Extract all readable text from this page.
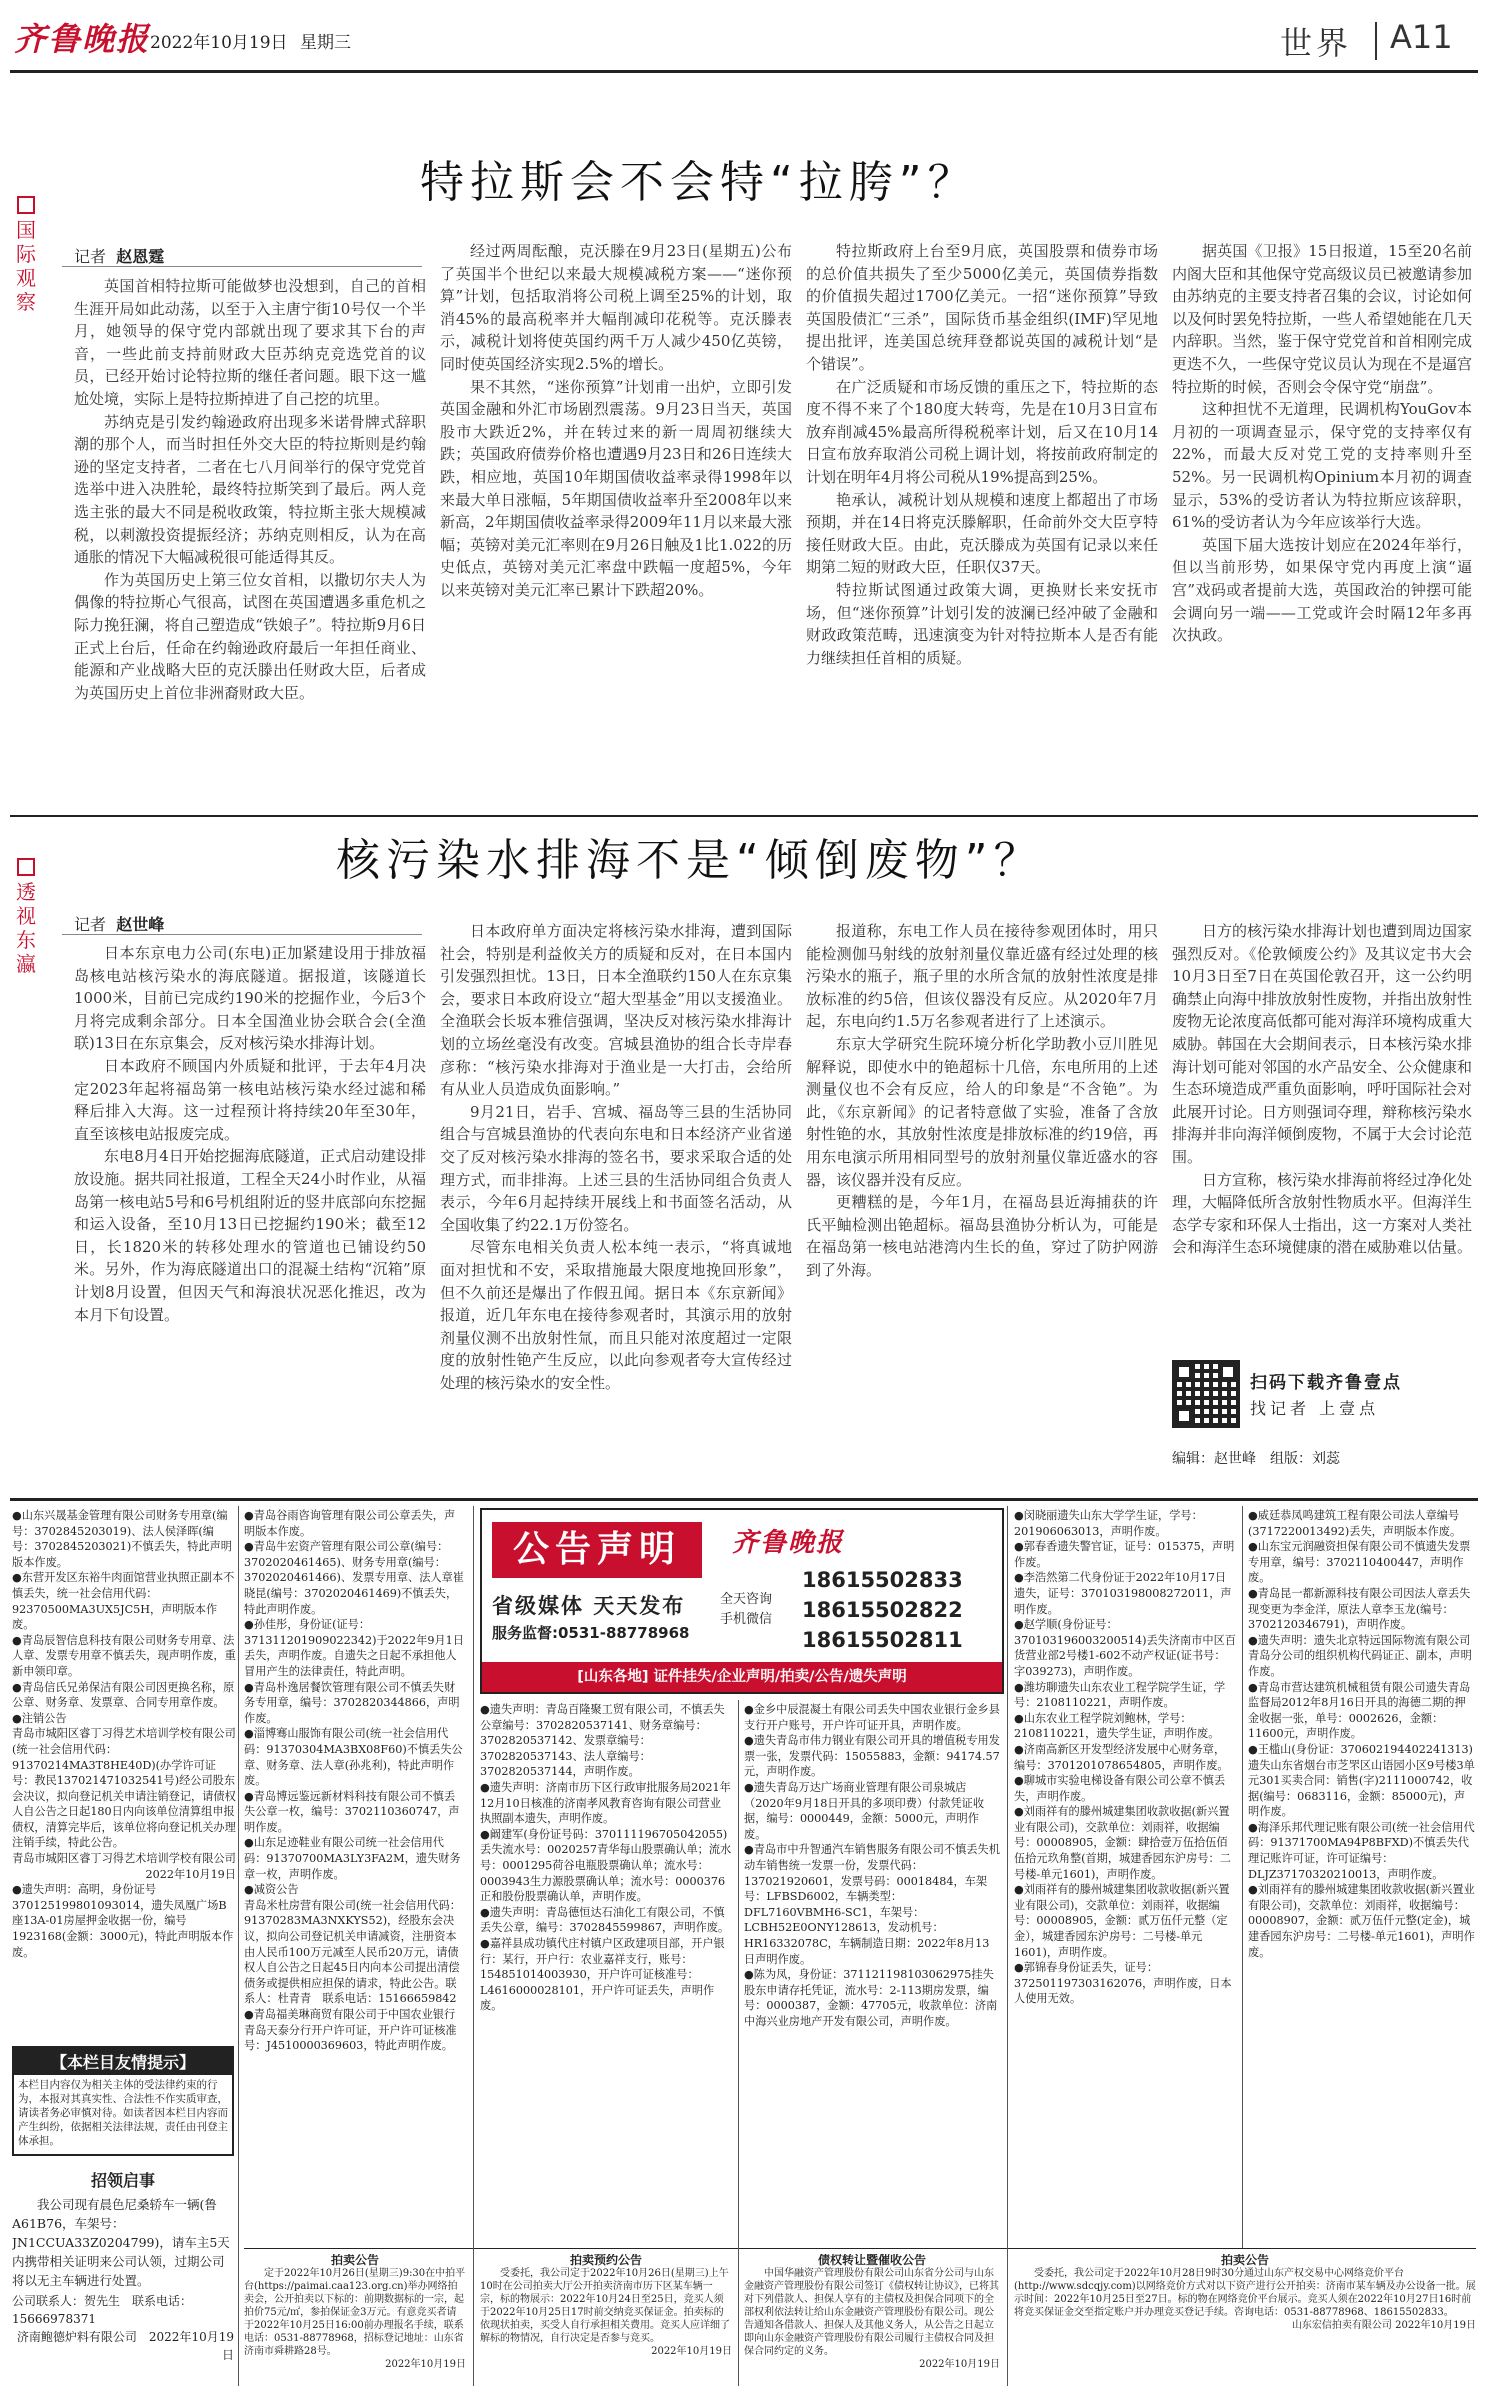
齐鲁晚报 2022年10月19日 星期三	世界 A11
国际观察
特拉斯会不会特“拉胯”？
记者 赵恩霆

英国首相特拉斯可能做梦也没想到，自己的首相生涯开局如此动荡，以至于入主唐宁街10号仅一个半月，她领导的保守党内部就出现了要求其下台的声音，一些此前支持前财政大臣苏纳克竞选党首的议员，已经开始讨论特拉斯的继任者问题。眼下这一尴尬处境，实际上是特拉斯掉进了自己挖的坑里。

苏纳克是引发约翰逊政府出现多米诺骨牌式辞职潮的那个人，而当时担任外交大臣的特拉斯则是约翰逊的坚定支持者，二者在七八月间举行的保守党党首选举中进入决胜轮，最终特拉斯笑到了最后。两人竞选主张的最大不同是税收政策，特拉斯主张大规模减税，以刺激投资提振经济；苏纳克则相反，认为在高通胀的情况下大幅减税很可能适得其反。

作为英国历史上第三位女首相，以撒切尔夫人为偶像的特拉斯心气很高，试图在英国遭遇多重危机之际力挽狂澜，将自己塑造成“铁娘子”。特拉斯9月6日正式上台后，任命在约翰逊政府最后一年担任商业、能源和产业战略大臣的克沃滕出任财政大臣，后者成为英国历史上首位非洲裔财政大臣。

经过两周酝酿，克沃滕在9月23日(星期五)公布了英国半个世纪以来最大规模减税方案——“迷你预算”计划，包括取消将公司税上调至25%的计划，取消45%的最高税率并大幅削减印花税等。克沃滕表示，减税计划将使英国约两千万人减少450亿英镑，同时使英国经济实现2.5%的增长。

果不其然，“迷你预算”计划甫一出炉，立即引发英国金融和外汇市场剧烈震荡。9月23日当天，英国股市大跌近2%，并在转过来的新一周周初继续大跌；英国政府债券价格也遭遇9月23日和26日连续大跌，相应地，英国10年期国债收益率录得1998年以来最大单日涨幅，5年期国债收益率升至2008年以来新高，2年期国债收益率录得2009年11月以来最大涨幅；英镑对美元汇率则在9月26日触及1比1.022的历史低点，英镑对美元汇率盘中跌幅一度超5%，今年以来英镑对美元汇率已累计下跌超20%。

特拉斯政府上台至9月底，英国股票和债券市场的总价值共损失了至少5000亿美元，英国债券指数的价值损失超过1700亿美元。一招“迷你预算”导致英国股债汇“三杀”，国际货币基金组织(IMF)罕见地提出批评，连美国总统拜登都说英国的减税计划“是个错误”。

在广泛质疑和市场反馈的重压之下，特拉斯的态度不得不来了个180度大转弯，先是在10月3日宣布放弃削减45%最高所得税税率计划，后又在10月14日宣布放弃取消公司税上调计划，将按前政府制定的计划在明年4月将公司税从19%提高到25%。

艳承认，减税计划从规模和速度上都超出了市场预期，并在14日将克沃滕解职，任命前外交大臣亨特接任财政大臣。由此，克沃滕成为英国有记录以来任期第二短的财政大臣，任职仅37天。

特拉斯试图通过政策大调，更换财长来安抚市场，但“迷你预算”计划引发的波澜已经冲破了金融和财政政策范畴，迅速演变为针对特拉斯本人是否有能力继续担任首相的质疑。

据英国《卫报》15日报道，15至20名前内阁大臣和其他保守党高级议员已被邀请参加由苏纳克的主要支持者召集的会议，讨论如何以及何时罢免特拉斯，一些人希望她能在几天内辞职。当然，鉴于保守党党首和首相刚完成更迭不久，一些保守党议员认为现在不是逼宫特拉斯的时候，否则会令保守党“崩盘”。

这种担忧不无道理，民调机构YouGov本月初的一项调查显示，保守党的支持率仅有22%，而最大反对党工党的支持率则升至52%。另一民调机构Opinium本月初的调查显示，53%的受访者认为特拉斯应该辞职，61%的受访者认为今年应该举行大选。

英国下届大选按计划应在2024年举行，但以当前形势，如果保守党内再度上演“逼宫”戏码或者提前大选，英国政治的钟摆可能会调向另一端——工党或许会时隔12年多再次执政。

透视东瀛
核污染水排海不是“倾倒废物”？
记者 赵世峰

日本东京电力公司(东电)正加紧建设用于排放福岛核电站核污染水的海底隧道。据报道，该隧道长1000米，目前已完成约190米的挖掘作业，今后3个月将完成剩余部分。日本全国渔业协会联合会(全渔联)13日在东京集会，反对核污染水排海计划。

日本政府不顾国内外质疑和批评，于去年4月决定2023年起将福岛第一核电站核污染水经过滤和稀释后排入大海。这一过程预计将持续20年至30年，直至该核电站报废完成。

东电8月4日开始挖掘海底隧道，正式启动建设排放设施。据共同社报道，工程全天24小时作业，从福岛第一核电站5号和6号机组附近的竖井底部向东挖掘和运入设备，至10月13日已挖掘约190米；截至12日，长1820米的转移处理水的管道也已铺设约50米。另外，作为海底隧道出口的混凝土结构“沉箱”原计划8月设置，但因天气和海浪状况恶化推迟，改为本月下旬设置。

日本政府单方面决定将核污染水排海，遭到国际社会，特别是利益攸关方的质疑和反对，在日本国内引发强烈担忧。13日，日本全渔联约150人在东京集会，要求日本政府设立“超大型基金”用以支援渔业。全渔联会长坂本雅信强调，坚决反对核污染水排海计划的立场丝毫没有改变。宫城县渔协的组合长寺岸春彦称：“核污染水排海对于渔业是一大打击，会给所有从业人员造成负面影响。”

9月21日，岩手、宫城、福岛等三县的生活协同组合与宫城县渔协的代表向东电和日本经济产业省递交了反对核污染水排海的签名书，要求采取合适的处理方式，而非排海。上述三县的生活协同组合负责人表示，今年6月起持续开展线上和书面签名活动，从全国收集了约22.1万份签名。

尽管东电相关负责人松本纯一表示，“将真诚地面对担忧和不安，采取措施最大限度地挽回形象”，但不久前还是爆出了作假丑闻。据日本《东京新闻》报道，近几年东电在接待参观者时，其演示用的放射剂量仪测不出放射性氚，而且只能对浓度超过一定限度的放射性铯产生反应，以此向参观者夸大宣传经过处理的核污染水的安全性。

报道称，东电工作人员在接待参观团体时，用只能检测伽马射线的放射剂量仪靠近盛有经过处理的核污染水的瓶子，瓶子里的水所含氚的放射性浓度是排放标准的约5倍，但该仪器没有反应。从2020年7月起，东电向约1.5万名参观者进行了上述演示。

东京大学研究生院环境分析化学助教小豆川胜见解释说，即使水中的铯超标十几倍，东电所用的上述测量仪也不会有反应，给人的印象是“不含铯”。为此，《东京新闻》的记者特意做了实验，准备了含放射性铯的水，其放射性浓度是排放标准的约19倍，再用东电演示所用相同型号的放射剂量仪靠近盛水的容器，该仪器并没有反应。

更糟糕的是，今年1月，在福岛县近海捕获的许氏平鲉检测出铯超标。福岛县渔协分析认为，可能是在福岛第一核电站港湾内生长的鱼，穿过了防护网游到了外海。

日方的核污染水排海计划也遭到周边国家强烈反对。《伦敦倾废公约》及其议定书大会10月3日至7日在英国伦敦召开，这一公约明确禁止向海中排放放射性废物，并指出放射性废物无论浓度高低都可能对海洋环境构成重大威胁。韩国在大会期间表示，日本核污染水排海计划可能对邻国的水产品安全、公众健康和生态环境造成严重负面影响，呼吁国际社会对此展开讨论。日方则强词夺理，辩称核污染水排海并非向海洋倾倒废物，不属于大会讨论范围。

日方宣称，核污染水排海前将经过净化处理，大幅降低所含放射性物质水平。但海洋生态学专家和环保人士指出，这一方案对人类社会和海洋生态环境健康的潜在威胁难以估量。

扫码下载齐鲁壹点
找记者 上壹点
编辑：赵世峰　组版：刘蕊

●山东兴晟基金管理有限公司财务专用章(编号：3702845203019)、法人侯泽晖(编号：3702845203021)不慎丢失，特此声明版本作废。

●东营开发区东裕牛肉面馆营业执照正副本不慎丢失，统一社会信用代码：92370500MA3UX5JC5H，声明版本作废。

●青岛辰智信息科技有限公司财务专用章、法人章、发票专用章不慎丢失，现声明作废，重新申领印章。

●青岛信氏兄弟保洁有限公司因更换名称，原公章、财务章、发票章、合同专用章作废。

●注销公告

青岛市城阳区睿丁习得艺术培训学校有限公司(统一社会信用代码：91370214MA3T8HE40D)(办学许可证号：教民137021471032541号)经公司股东会决议，拟向登记机关申请注销登记，请债权人自公告之日起180日内向该单位清算组申报债权，清算完毕后，该单位将向登记机关办理注销手续，特此公告。

青岛市城阳区睿丁习得艺术培训学校有限公司

2022年10月19日

●遗失声明：高明，身份证号370125199801093014，遗失凤凰广场B座13A-01房屋押金收据一份，编号1923168(金额：3000元)，特此声明版本作废。

【本栏目友情提示】
本栏目内容仅为相关主体的受法律约束的行为，本报对其真实性、合法性不作实质审查，请读者务必审慎对待。如读者因本栏目内容而产生纠纷，依据相关法律法规，责任由刊登主体承担。
招领启事
我公司现有晨色尼桑轿车一辆(鲁A61B76，车架号：JN1CCUA33Z0204799)，请车主5天内携带相关证明来公司认领，过期公司将以无主车辆进行处置。
公司联系人：贺先生　联系电话：15666978371
济南鲍德炉料有限公司　2022年10月19日

●青岛谷雨咨询管理有限公司公章丢失，声明版本作废。

●青岛牛宏资产管理有限公司公章(编号：3702020461465)、财务专用章(编号：3702020461466)、发票专用章、法人章崔晓昆(编号：3702020461469)不慎丢失，特此声明作废。

●孙佳彤，身份证(证号：371311201909022342)于2022年9月1日丢失，声明作废。自遗失之日起不承担他人冒用产生的法律责任，特此声明。

●青岛朴逸居餐饮管理有限公司不慎丢失财务专用章，编号：3702820344866，声明作废。

●淄博骞山服饰有限公司(统一社会信用代码：91370304MA3BX08F60)不慎丢失公章、财务章、法人章(孙兆利)，特此声明作废。

●青岛博远鉴远新材料科技有限公司不慎丢失公章一枚，编号：3702110360747，声明作废。

●山东足迹鞋业有限公司统一社会信用代码：91370700MA3LY3FA2M，遗失财务章一枚，声明作废。

●减资公告

青岛米杜房营有限公司(统一社会信用代码：91370283MA3NXKYS52)，经股东会决议，拟向公司登记机关申请减资，注册资本由人民币100万元减至人民币20万元，请债权人自公告之日起45日内向本公司提出清偿债务或提供相应担保的请求，特此公告。联系人：杜青青　联系电话：15166659842

●青岛福美琳商贸有限公司于中国农业银行青岛天泰分行开户许可证，开户许可证核准号：J4510000369603，特此声明作废。

公告声明
省级媒体 天天发布
服务监督:0531-88778968
齐鲁晚报
全天咨询 手机微信
18615502833
18615502822
18615502811
[山东各地] 证件挂失/企业声明/拍卖/公告/遗失声明

●遗失声明：青岛百隆聚工贸有限公司，不慎丢失公章编号：3702820537141、财务章编号：3702820537142、发票章编号：3702820537143、法人章编号：3702820537144，声明作废。

●遗失声明：济南市历下区行政审批服务局2021年12月10日核准的济南孝风教育咨询有限公司营业执照副本遗失，声明作废。

●阚建军(身份证号码：370111196705042055)丢失流水号：0020257青华每山股票确认单；流水号：0001295荷谷电瓶股票确认单；流水号：0003943生力源股票确认单；流水号：0000376正和股份股票确认单，声明作废。

●遗失声明：青岛德恒达石油化工有限公司，不慎丢失公章，编号：3702845599867，声明作废。

●嘉祥县成功镇代庄村镇户区政建项目部，开户银行：某行，开户行：农业嘉祥支行，账号：154851014003930，开户许可证核准号：L4616000028101，开户许可证丢失，声明作废。

●金乡中辰混凝土有限公司丢失中国农业银行金乡县支行开户账号，开户许可证开具，声明作废。

●遗失青岛市伟力钢业有限公司开具的增值税专用发票一张，发票代码：15055883，金额：94174.57元，声明作废。

●遗失青岛万达广场商业管理有限公司泉城店（2020年9月18日开具的多项印费）付款凭证收据，编号：0000449，金额：5000元，声明作废。

●青岛市中升智通汽车销售服务有限公司不慎丢失机动车销售统一发票一份，发票代码：137021920601，发票号码：00018484，车架号：LFBSD6002，车辆类型：DFL7160VBMH6-SC1，车架号：LCBH52E0ONY128613，发动机号：HR16332078C，车辆制造日期：2022年8月13日声明作废。

●陈为凤，身份证：371121198103062975挂失股东申请存托凭证，流水号：2-113期房发票，编号：0000387，金额：47705元，收款单位：济南中海兴业房地产开发有限公司，声明作废。

●闵晓丽遗失山东大学学生证，学号：201906063013，声明作废。

●郭春香遗失警官证，证号：015375，声明作废。

●李浩然第二代身份证于2022年10月17日遗失，证号：370103198008272011，声明作废。

●赵学顺(身份证号：370103196003200514)丢失济南市中区百货营业部2号楼1-602不动产权证(证书号：字039273)，声明作废。

●潍坊聊遗失山东农业工程学院学生证，学号：2108110221，声明作废。

●山东农业工程学院刘鲍林，学号：2108110221，遗失学生证，声明作废。

●济南高新区开发型经济发展中心财务章，编号：3701201078654805，声明作废。

●聊城市实验电梯设备有限公司公章不慎丢失，声明作废。

●刘雨祥有的滕州城建集团收款收据(新兴置业有限公司)，交款单位：刘雨祥，收据编号：00008905，金额：肆拾壹万伍拾伍佰伍拾元玖角整(首期，城建香园东沪房号：二号楼-单元1601)，声明作废。

●刘雨祥有的滕州城建集团收款收据(新兴置业有限公司)，交款单位：刘雨祥，收据编号：00008905，金额：贰万伍仟元整（定金），城建香园东沪房号：二号楼-单元1601)，声明作废。

●郭锦春身份证丢失，证号：372501197303162076，声明作废，日本人使用无效。

●威廷恭凤鸣建筑工程有限公司法人章编号(3717220013492)丢失，声明版本作废。

●山东宝元润融资担保有限公司不慎遗失发票专用章，编号：3702110400447，声明作废。

●青岛昆一都新源科技有限公司因法人章丢失现变更为李金洋，原法人章李玉龙(编号：3702120346791)，声明作废。

●遗失声明：遗失北京特远国际物流有限公司青岛分公司的组织机构代码证正、副本，声明作废。

●青岛市营达建筑机械租赁有限公司遗失青岛监督局2012年8月16日开具的海德二期的押金收据一张，单号：0002626，金额：11600元，声明作废。

●王槛山(身份证：370602194402241313)遗失山东省烟台市芝罘区山语园小区9号楼3单元301买卖合同：销售(字)2111000742，收据(编号：0683116，金额：85000元)，声明作废。

●海泽乐邦代理记账有限公司(统一社会信用代码：91371700MA94P8BFXD)不慎丢失代理记账许可证，许可证编号：DLJZ37170320210013，声明作废。

●刘雨祥有的滕州城建集团收款收据(新兴置业有限公司)，交款单位：刘雨祥，收据编号：00008907，金额：贰万伍仟元整(定金)，城建香园东沪房号：二号楼-单元1601)，声明作废。

拍卖公告
定于2022年10月26日(星期三)9:30在中拍平台(https://paimai.caa123.org.cn)举办网络拍卖会，公开拍卖以下标的：前期数据标的一宗，起拍价75元/㎡，参拍保证金3万元。有意竞买者请于2022年10月25日16:00前办理报名手续，联系电话：0531-88778968，招标登记地址：山东省济南市舜耕路28号。
2022年10月19日
拍卖预约公告
受委托，我公司定于2022年10月26日(星期三)上午10时在公司拍卖大厅公开拍卖济南市历下区某车辆一宗，标的物展示：2022年10月24日至25日，竞买人须于2022年10月25日17时前交纳竞买保证金。拍卖标的依现状拍卖，买受人自行承担相关费用。竞买人应详细了解标的物情况，自行决定是否参与竞买。
2022年10月19日
债权转让暨催收公告
中国华融资产管理股份有限公司山东省分公司与山东金融资产管理股份有限公司签订《债权转让协议》，已将其对下列借款人、担保人享有的主债权及担保合同项下的全部权利依法转让给山东金融资产管理股份有限公司。现公告通知各借款人、担保人及其他义务人，从公告之日起立即向山东金融资产管理股份有限公司履行主债权合同及担保合同约定的义务。
2022年10月19日
拍卖公告
受委托，我公司定于2022年10月28日9时30分通过山东产权交易中心网络竞价平台(http://www.sdcqjy.com)以网络竞价方式对以下资产进行公开拍卖：济南市某车辆及办公设备一批。展示时间：2022年10月25日至27日。标的物在网络竞价平台展示。竞买人须在2022年10月27日16时前将竞买保证金交至指定账户并办理竞买登记手续。咨询电话：0531-88778968、18615502833。
山东宏信拍卖有限公司 2022年10月19日
